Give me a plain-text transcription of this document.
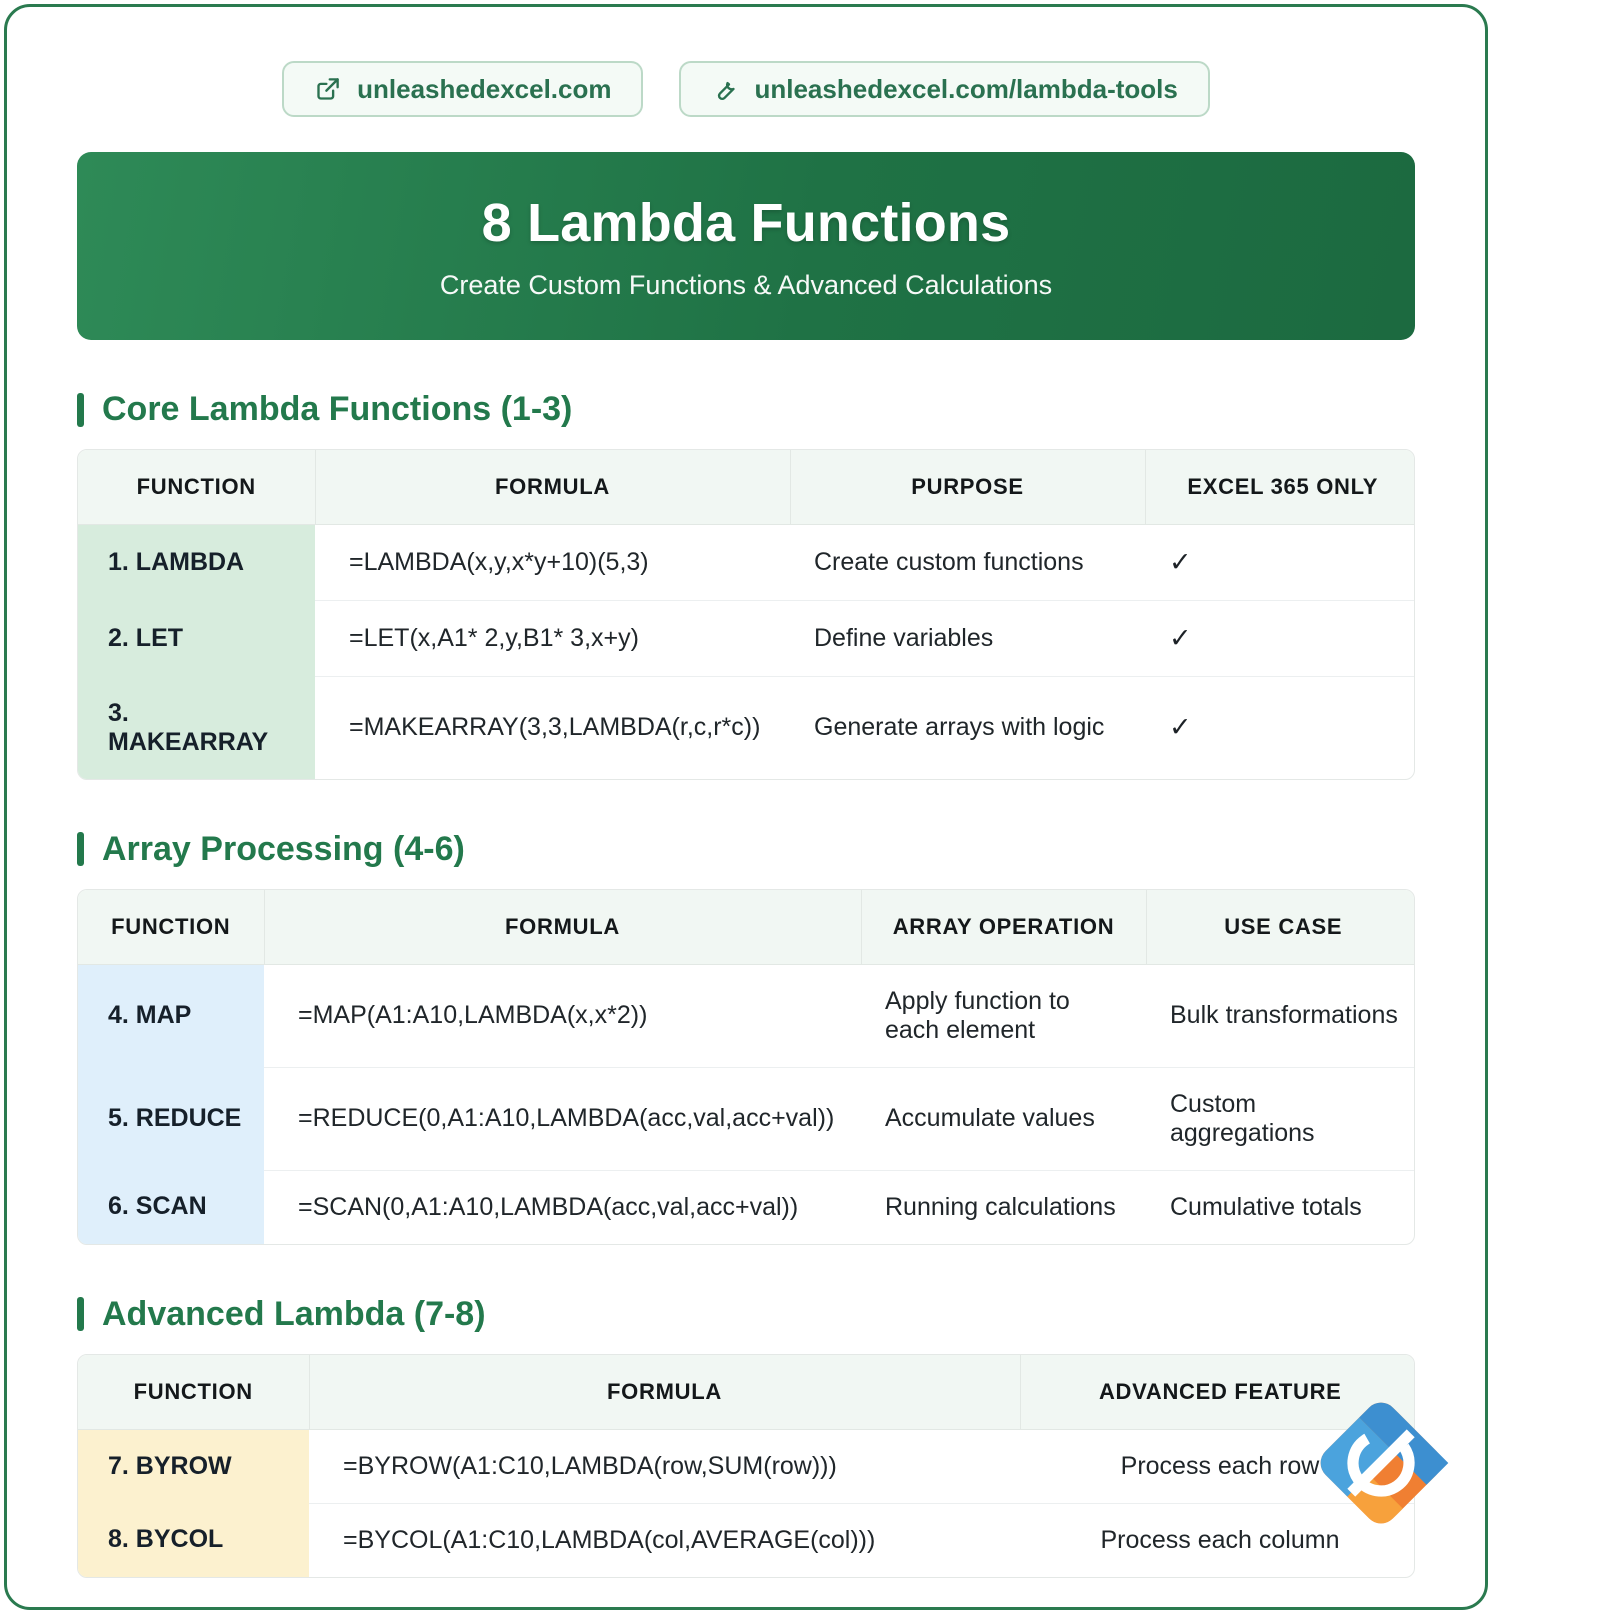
unleashedexcel.com	unleashedexcel.com/lambda-tools
8 Lambda Functions
Create Custom Functions & Advanced Calculations
Core Lambda Functions (1-3)
FUNCTION	FORMULA	PURPOSE	EXCEL 365 ONLY
1. LAMBDA	=LAMBDA(x,y,x*y+10)(5,3)	Create custom functions	✓
2. LET	=LET(x,A1* 2,y,B1* 3,x+y)	Define variables	✓
3. MAKEARRAY	=MAKEARRAY(3,3,LAMBDA(r,c,r*c))	Generate arrays with logic	✓
Array Processing (4-6)
FUNCTION	FORMULA	ARRAY OPERATION	USE CASE
4. MAP	=MAP(A1:A10,LAMBDA(x,x*2))	Apply function to each element	Bulk transformations
5. REDUCE	=REDUCE(0,A1:A10,LAMBDA(acc,val,acc+val))	Accumulate values	Custom aggregations
6. SCAN	=SCAN(0,A1:A10,LAMBDA(acc,val,acc+val))	Running calculations	Cumulative totals
Advanced Lambda (7-8)
FUNCTION	FORMULA	ADVANCED FEATURE
7. BYROW	=BYROW(A1:C10,LAMBDA(row,SUM(row)))	Process each row
8. BYCOL	=BYCOL(A1:C10,LAMBDA(col,AVERAGE(col)))	Process each column
